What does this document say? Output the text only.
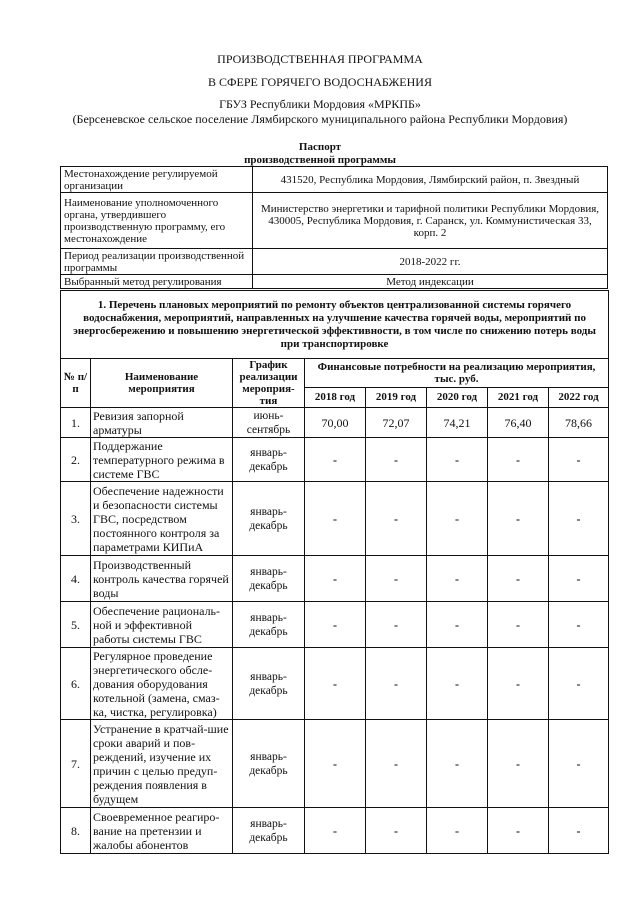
ПРОИЗВОДСТВЕННАЯ ПРОГРАММА
В СФЕРЕ ГОРЯЧЕГО ВОДОСНАБЖЕНИЯ
ГБУЗ Республики Мордовия «МРКПБ»
(Берсеневское сельское поселение Лямбирского муниципального района Республики Мордовия)
Паспорт
производственной программы
Местонахождение регулируемой организации	431520, Республика Мордовия, Лямбирский район, п. Звездный
Наименование уполномоченного органа, утвердившего производственную программу, его местонахождение	Министерство энергетики и тарифной политики Республики Мордовия, 430005, Республика Мордовия, г. Саранск, ул. Коммунистическая 33, корп. 2
Период реализации производственной программы	2018-2022 гг.
Выбранный метод регулирования	Метод индексации
1. Перечень плановых мероприятий по ремонту объектов централизованной системы горячего водоснабжения, мероприятий, направленных на улучшение качества горячей воды, мероприятий по энергосбережению и повышению энергетической эффективности, в том числе по снижению потерь воды при транспортировке							
№ п/п	Наименование мероприятия	График реализации мероприя-тия	Финансовые потребности на реализацию мероприятия, тыс. руб.				
			2018 год	2019 год	2020 год	2021 год	2022 год
1.	Ревизия запорной арматуры	июнь-сентябрь	70,00	72,07	74,21	76,40	78,66
2.	Поддержание температурного режима в системе ГВС	январь-декабрь	-	-	-	-	-
3.	Обеспечение надежности и безопасности системы ГВС, посредством постоянного контроля за параметрами КИПиА	январь-декабрь	-	-	-	-	-
4.	Производственный контроль качества горячей воды	январь-декабрь	-	-	-	-	-
5.	Обеспечение рациональ-ной и эффективной работы системы ГВС	январь-декабрь	-	-	-	-	-
6.	Регулярное проведение энергетического обсле-дования оборудования котельной (замена, смаз-ка, чистка, регулировка)	январь-декабрь	-	-	-	-	-
7.	Устранение в кратчай-шие сроки аварий и пов-реждений, изучение их причин с целью предуп-реждения появления в будущем	январь-декабрь	-	-	-	-	-
8.	Своевременное реагиро-вание на претензии и жалобы абонентов	январь-декабрь	-	-	-	-	-
